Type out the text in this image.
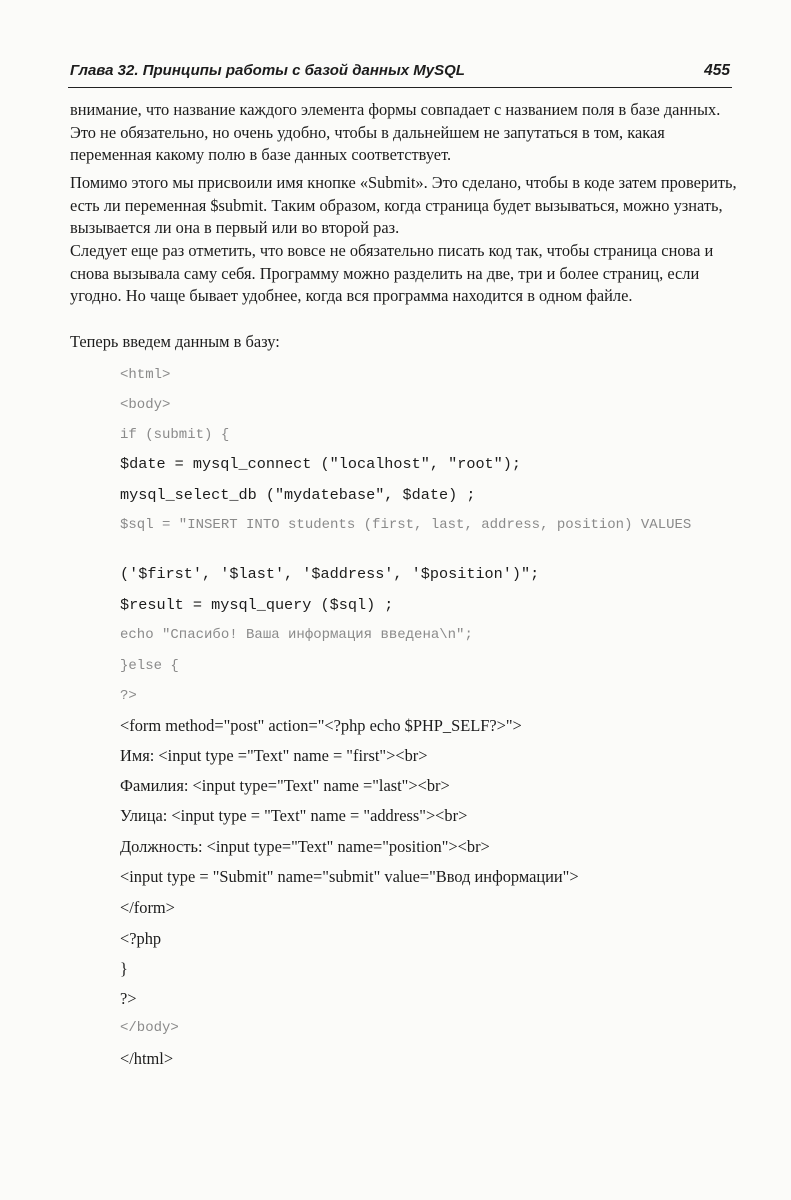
Глава 32. Принципы работы с базой данных MySQL	455

внимание, что название каждого элемента формы совпадает с названием поля в базе данных. Это не обязательно, но очень удобно, чтобы в дальнейшем не запутаться в том, какая переменная какому полю в базе данных соответствует.

Помимо этого мы присвоили имя кнопке «Submit». Это сделано, чтобы в коде затем проверить, есть ли переменная $submit. Таким образом, когда страница будет вызываться, можно узнать, вызывается ли она в первый или во второй раз.

Следует еще раз отметить, что вовсе не обязательно писать код так, чтобы страница снова и снова вызывала саму себя. Программу можно разделить на две, три и более страниц, если угодно. Но чаще бывает удобнее, когда вся программа находится в одном файле.

Теперь введем данным в базу:

<html>
<body>
if (submit) {
$date = mysql_connect ("localhost", "root");
mysql_select_db ("mydatebase", $date) ;
$sql = "INSERT INTO students (first, last, address, position) VALUES
('$first', '$last', '$address', '$position')";
$result = mysql_query ($sql) ;
echo "Спасибо! Ваша информация введена\n";
}else {
?>
<form method="post" action="<?php echo $PHP_SELF?>">
Имя: <input type ="Text" name = "first"><br>
Фамилия: <input type="Text" name ="last"><br>
Улица: <input type = "Text" name = "address"><br>
Должность: <input type="Text" name="position"><br>
<input type = "Submit" name="submit" value="Ввод информации">
</form>
<?php
}
?>
</body>
</html>
